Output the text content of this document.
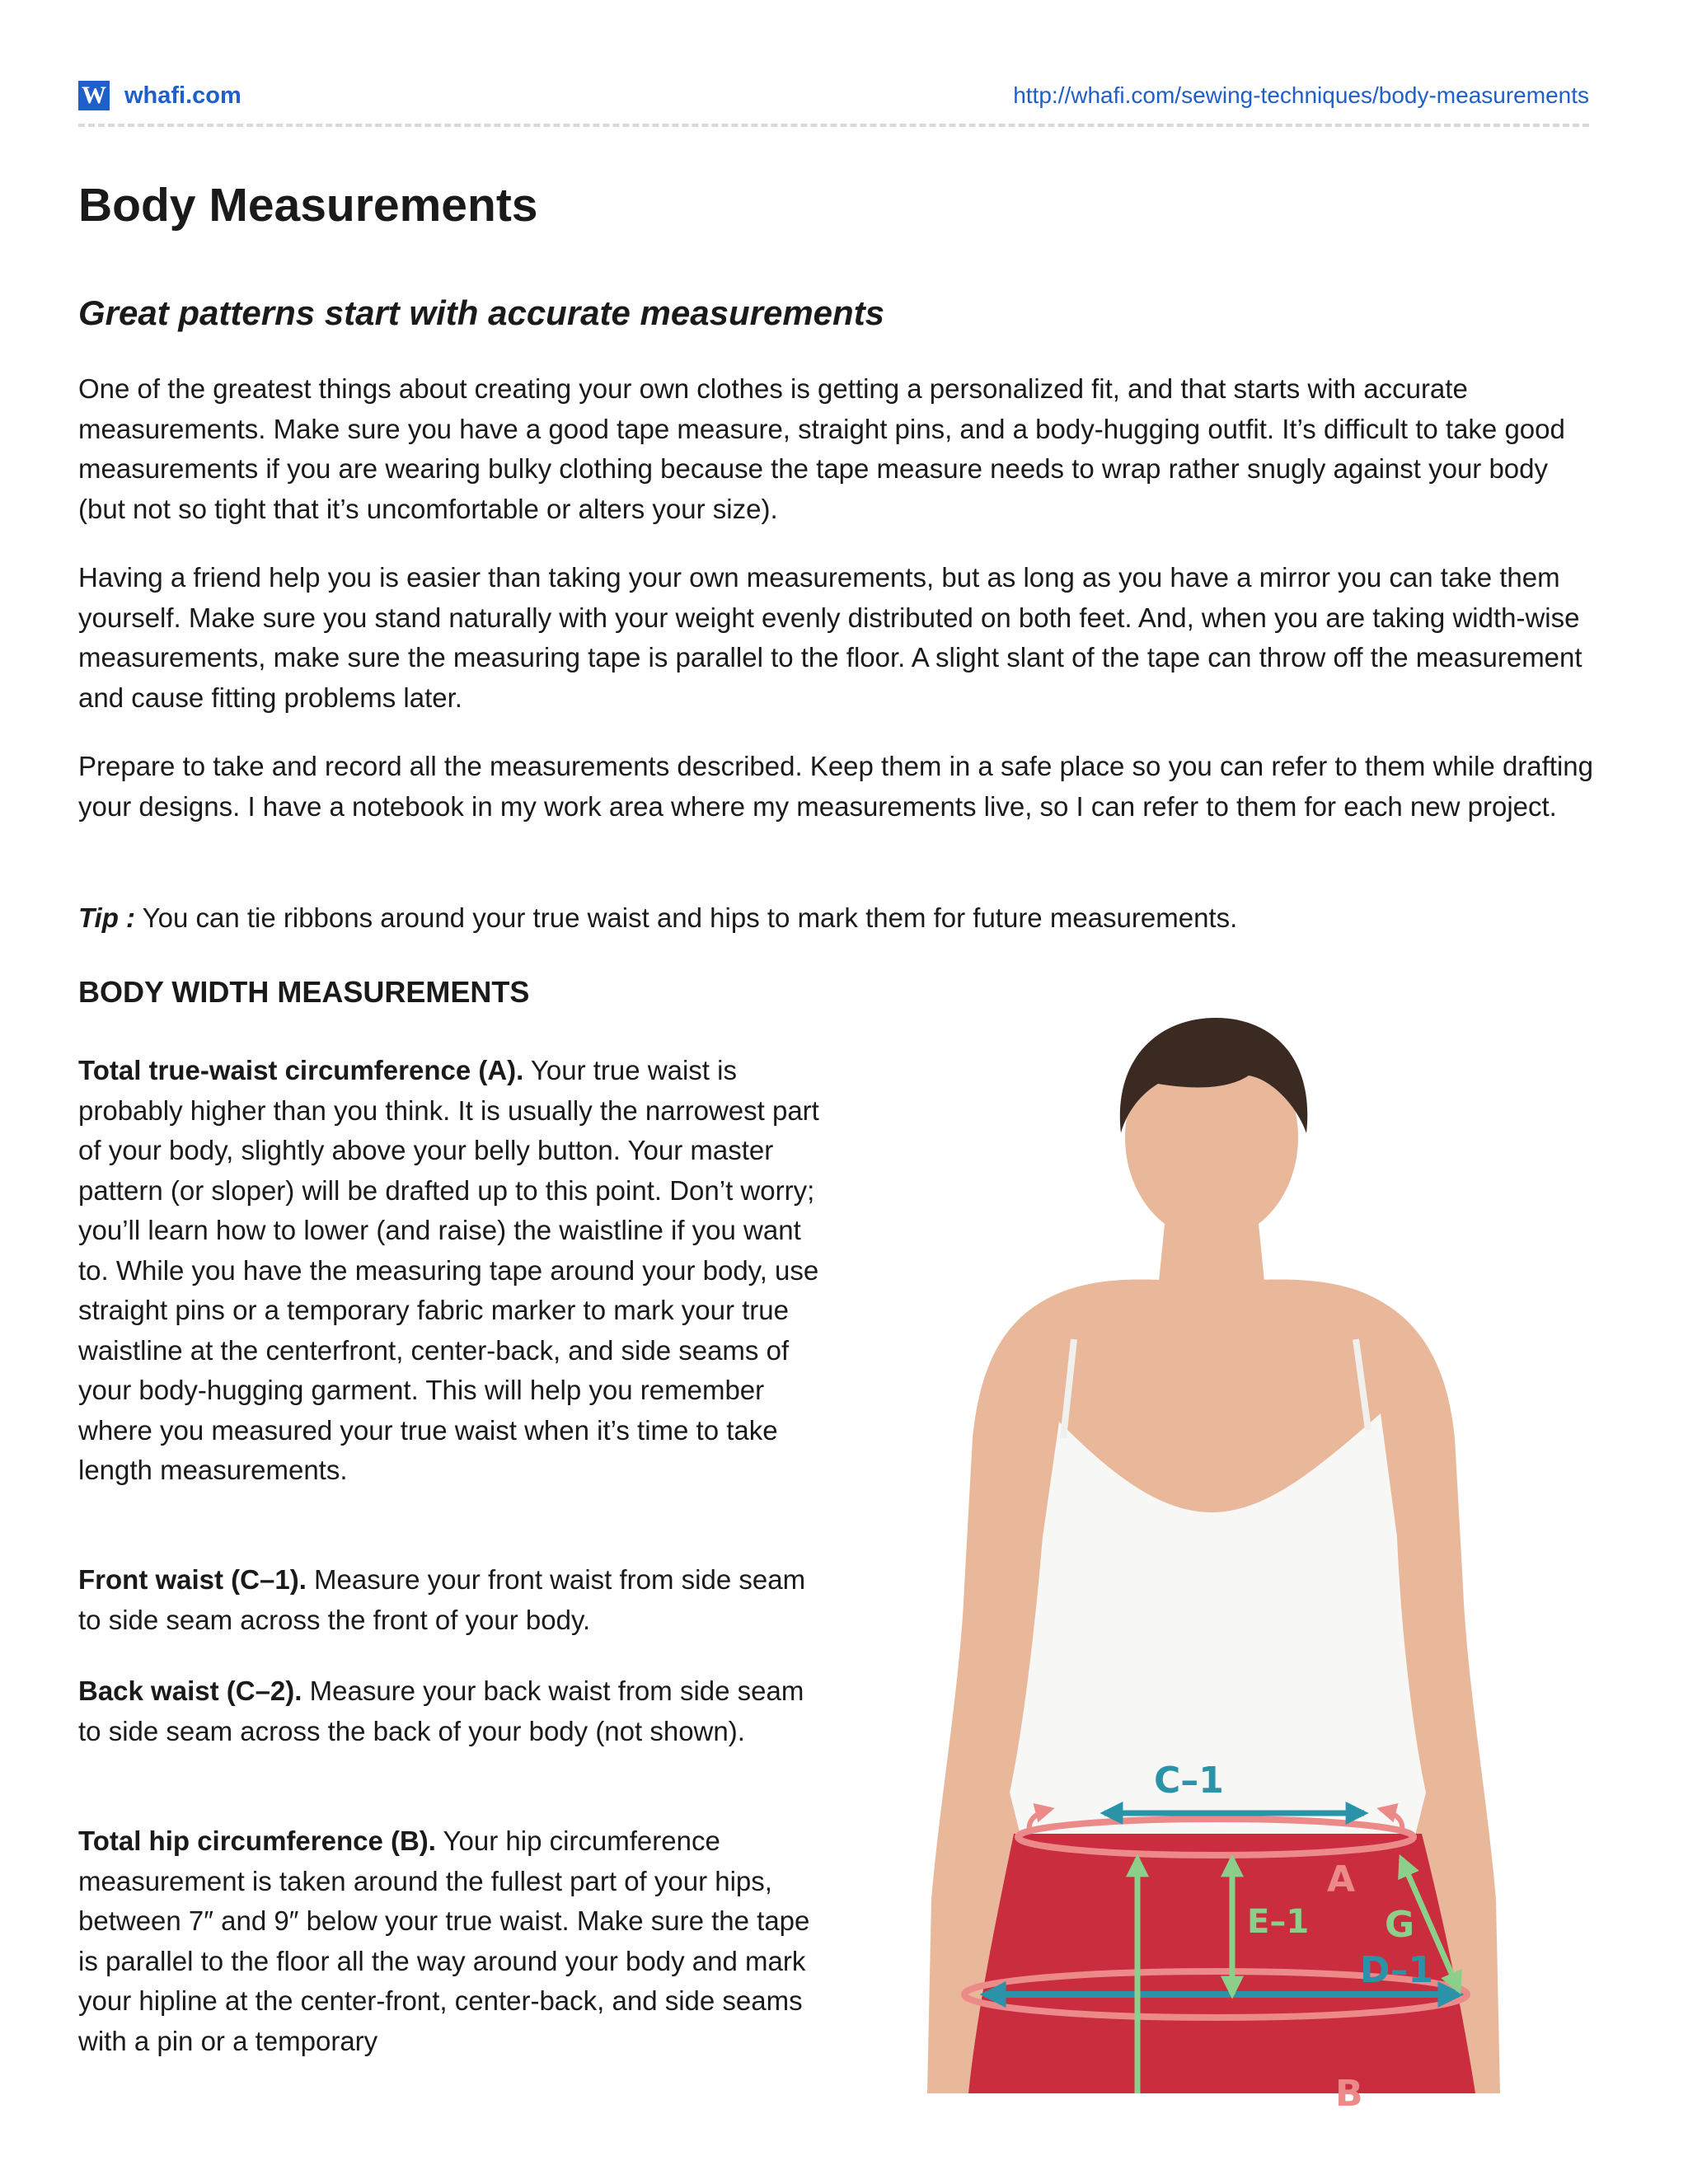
W whafi.com	http://whafi.com/sewing-techniques/body-measurements
Body Measurements
Great patterns start with accurate measurements

One of the greatest things about creating your own clothes is getting a personalized fit, and that starts with accurate measurements. Make sure you have a good tape measure, straight pins, and a body-hugging outfit. It’s difficult to take good measurements if you are wearing bulky clothing because the tape measure needs to wrap rather snugly against your body (but not so tight that it’s uncomfortable or alters your size).

Having a friend help you is easier than taking your own measurements, but as long as you have a mirror you can take them yourself. Make sure you stand naturally with your weight evenly distributed on both feet. And, when you are taking width-wise measurements, make sure the measuring tape is parallel to the floor. A slight slant of the tape can throw off the measurement and cause fitting problems later.

Prepare to take and record all the measurements described. Keep them in a safe place so you can refer to them while drafting your designs. I have a notebook in my work area where my measurements live, so I can refer to them for each new project.

Tip : You can tie ribbons around your true waist and hips to mark them for future measurements.

BODY WIDTH MEASUREMENTS

Total true-waist circumference (A). Your true waist is probably higher than you think. It is usually the narrowest part of your body, slightly above your belly button. Your master pattern (or sloper) will be drafted up to this point. Don’t worry; you’ll learn how to lower (and raise) the waistline if you want to. While you have the measuring tape around your body, use straight pins or a temporary fabric marker to mark your true waistline at the centerfront, center-back, and side seams of your body-hugging garment. This will help you remember where you measured your true waist when it’s time to take length measurements.

Front waist (C–1). Measure your front waist from side seam to side seam across the front of your body.

Back waist (C–2). Measure your back waist from side seam to side seam across the back of your body (not shown).

Total hip circumference (B). Your hip circumference measurement is taken around the fullest part of your hips, between 7″ and 9″ below your true waist. Make sure the tape is parallel to the floor all the way around your body and mark your hipline at the center-front, center-back, and side seams with a pin or a temporary

C–1
A
D–1
E–1 G
B
